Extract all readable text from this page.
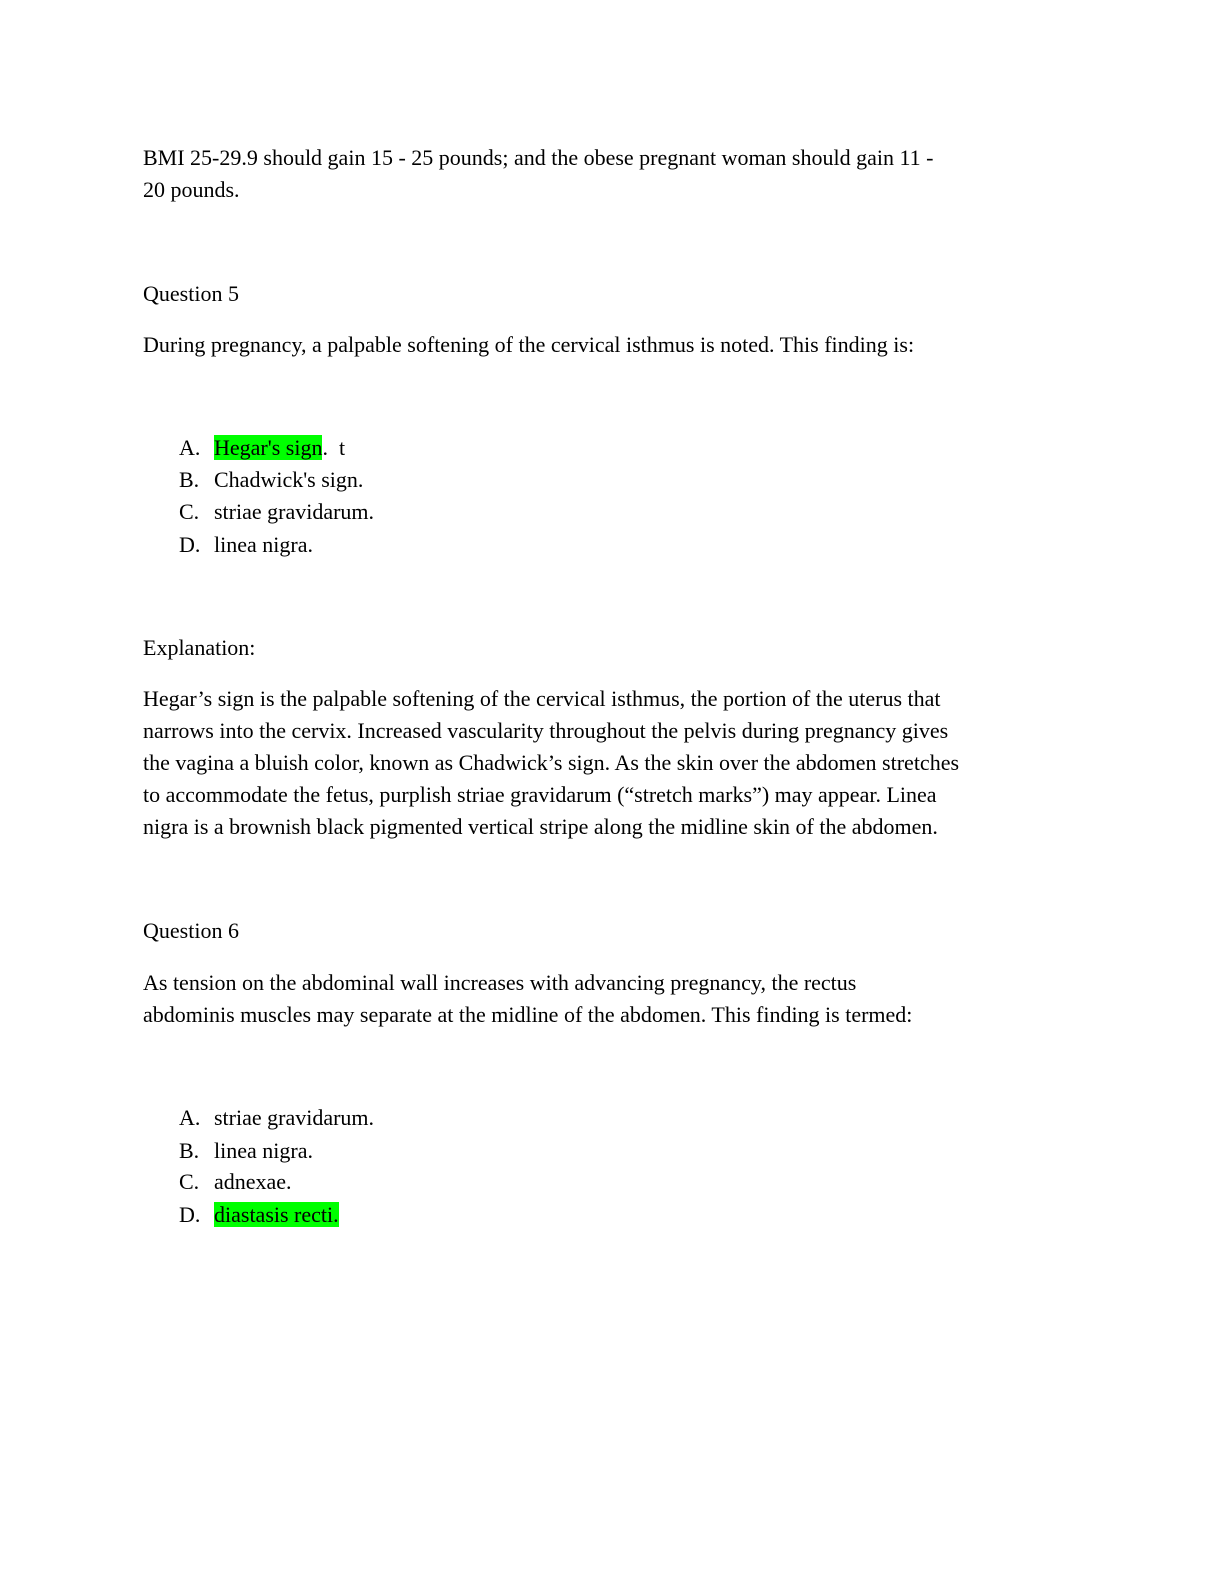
BMI 25-29.9 should gain 15 - 25 pounds; and the obese pregnant woman should gain 11 -
20 pounds.
Question 5
During pregnancy, a palpable softening of the cervical isthmus is noted. This finding is:
A. Hegar's sign.  t
B. Chadwick's sign.
C. striae gravidarum.
D. linea nigra.
Explanation:
Hegar’s sign is the palpable softening of the cervical isthmus, the portion of the uterus that
narrows into the cervix. Increased vascularity throughout the pelvis during pregnancy gives
the vagina a bluish color, known as Chadwick’s sign. As the skin over the abdomen stretches
to accommodate the fetus, purplish striae gravidarum (“stretch marks”) may appear. Linea
nigra is a brownish black pigmented vertical stripe along the midline skin of the abdomen.
Question 6
As tension on the abdominal wall increases with advancing pregnancy, the rectus
abdominis muscles may separate at the midline of the abdomen. This finding is termed:
A. striae gravidarum.
B. linea nigra.
C. adnexae.
D. diastasis recti.
